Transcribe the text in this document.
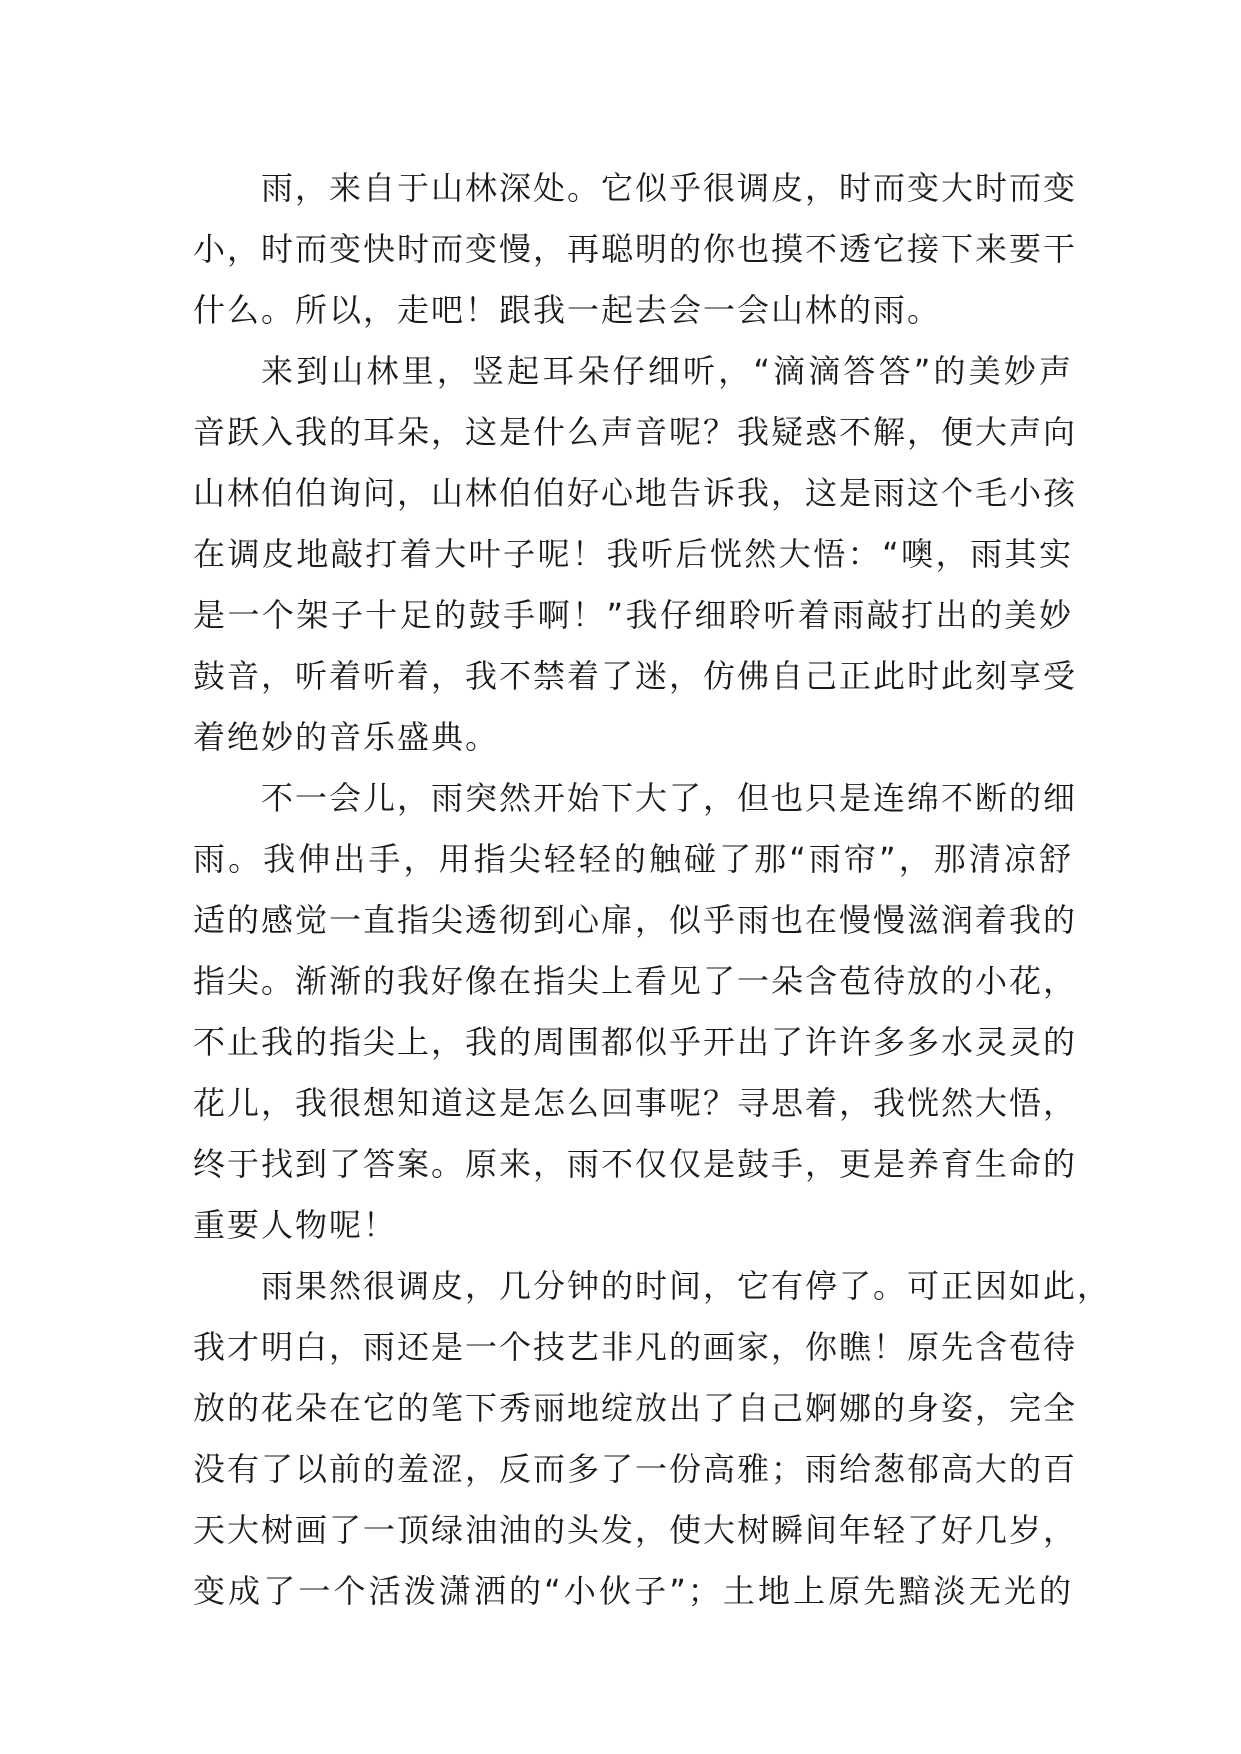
雨，来自于山林深处。它似乎很调皮，时而变大时而变
小，时而变快时而变慢，再聪明的你也摸不透它接下来要干
什么。所以，走吧！跟我一起去会一会山林的雨。
来到山林里，竖起耳朵仔细听，“滴滴答答”的美妙声
音跃入我的耳朵，这是什么声音呢？我疑惑不解，便大声向
山林伯伯询问，山林伯伯好心地告诉我，这是雨这个毛小孩
在调皮地敲打着大叶子呢！我听后恍然大悟：“噢，雨其实
是一个架子十足的鼓手啊！”我仔细聆听着雨敲打出的美妙
鼓音，听着听着，我不禁着了迷，仿佛自己正此时此刻享受
着绝妙的音乐盛典。
不一会儿，雨突然开始下大了，但也只是连绵不断的细
雨。我伸出手，用指尖轻轻的触碰了那“雨帘”，那清凉舒
适的感觉一直指尖透彻到心扉，似乎雨也在慢慢滋润着我的
指尖。渐渐的我好像在指尖上看见了一朵含苞待放的小花，
不止我的指尖上，我的周围都似乎开出了许许多多水灵灵的
花儿，我很想知道这是怎么回事呢？寻思着，我恍然大悟，
终于找到了答案。原来，雨不仅仅是鼓手，更是养育生命的
重要人物呢！
雨果然很调皮，几分钟的时间，它有停了。可正因如此，
我才明白，雨还是一个技艺非凡的画家，你瞧！原先含苞待
放的花朵在它的笔下秀丽地绽放出了自己婀娜的身姿，完全
没有了以前的羞涩，反而多了一份高雅；雨给葱郁高大的百
天大树画了一顶绿油油的头发，使大树瞬间年轻了好几岁，
变成了一个活泼潇洒的“小伙子”；土地上原先黯淡无光的
